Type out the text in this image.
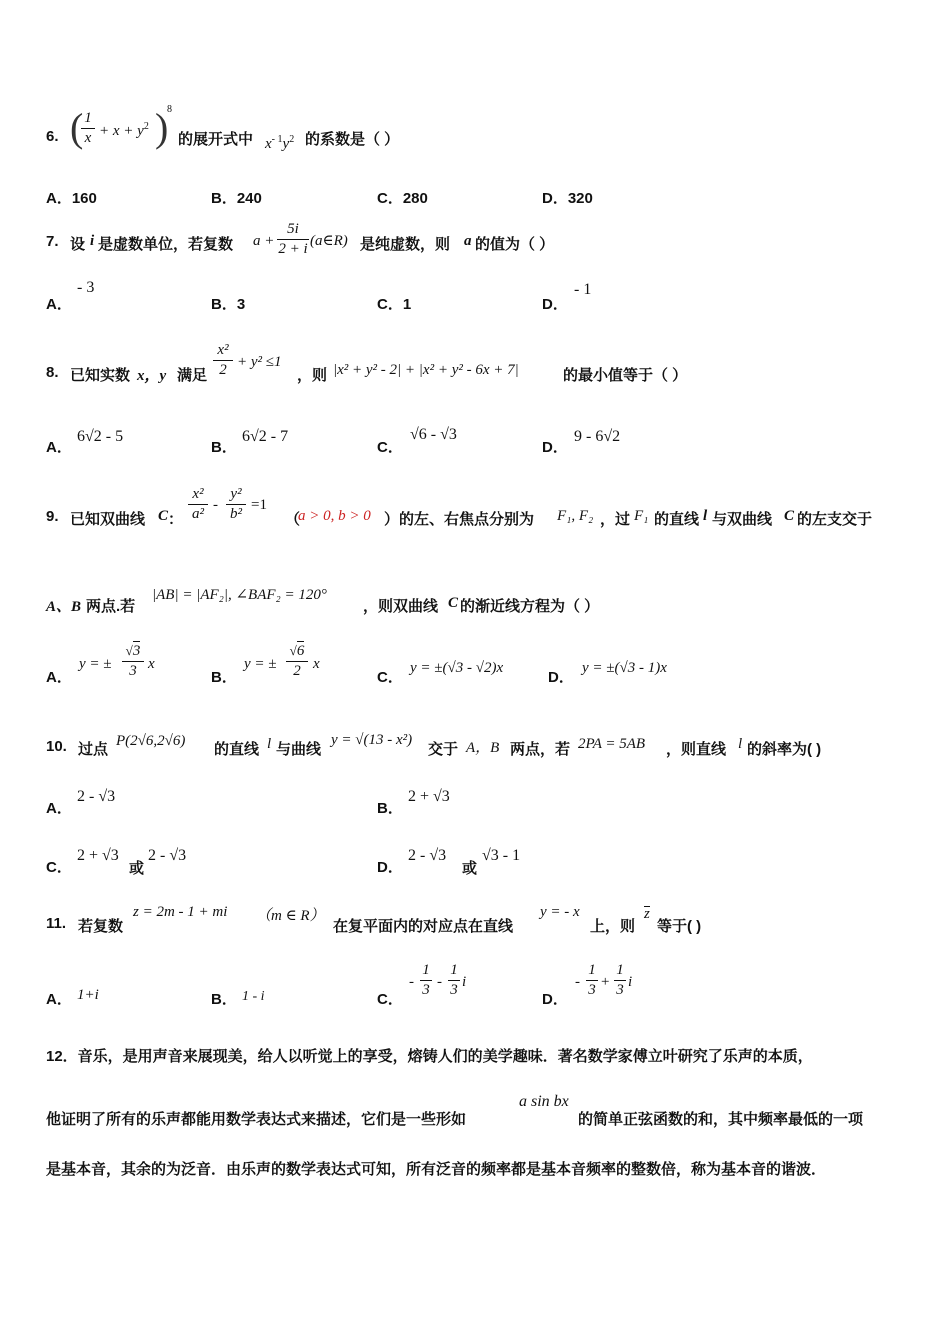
6. ( 1
$x + x + y^2$ )
8
的展开式中 $x^{- 1}y^2$ 的系数是（ ）
A．160	B．240	C．280	D．320
7. 设 i 是虚数单位，若复数 a +
5i
2 + i (a∈R) 是纯虚数，则 a 的值为（ ）
A．
- 3
B．3	C．1	D．
- 1
8. 已知实数 x，y 满足
x²
2 + y² ≤1
，则 |x² + y² - 2| + |x² + y² - 6x + 7|	的最小值等于（ ）
A．
6√2 - 5
B．
6√2 - 7
C．
√6 - √3
D．
9 - 6√2
9. 已知双曲线 C ：
x²
a²
-
y²
b²
=1
（
a > 0, b > 0 ） 的左、右焦点分别为 F₁, F₂ ，过 F₁ 的直线 l 与双曲线 C 的左支交于
A、B 两点.若
|AB| = |AF₂|, ∠BAF₂ = 120°
，则双曲线 C 的渐近线方程为（ ）
A．
y = ±
√3
3 x
B．
y = ±
√6
2 x
C．
y = ±(√3 - √2)x
D．
y = ±(√3 - 1)x
10. 过点 P(2√6,2√6) 的直线 l 与曲线
y = √(13 - x²)
交于 A，B 两点，若 2PA = 5AB ，则直线 l 的斜率为( )
A．
2 - √3
B．
2 + √3
C．
2 + √3
或
2 - √3
D．
2 - √3
或
√3 - 1
11. 若复数
z = 2m - 1 + mi （m ∈ R）
在复平面内的对应点在直线
y = - x
上，则
z
等于( )
A． 1+i	B． 1 - i	C．
-
1
3 -
1
3 i
D．
-
1
3 +
1
3 i
12．音乐，是用声音来展现美，给人以听觉上的享受，熔铸人们的美学趣味．著名数学家傅立叶研究了乐声的本质，
他证明了所有的乐声都能用数学表达式来描述，它们是一些形如
a sin bx
的简单正弦函数的和，其中频率最低的一项
是基本音，其余的为泛音．由乐声的数学表达式可知，所有泛音的频率都是基本音频率的整数倍，称为基本音的谐波．
